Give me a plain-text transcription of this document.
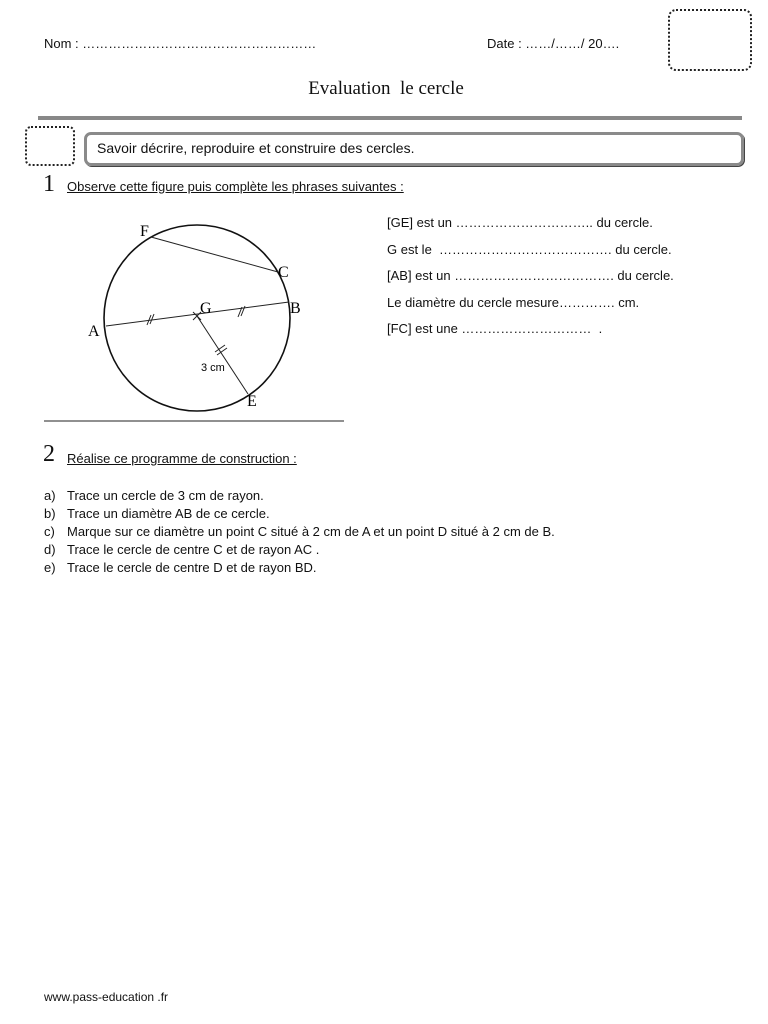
Nom : ………………………………………………	Date : ……/……/ 20….
Evaluation  le cercle
Savoir décrire, reproduire et construire des cercles.
1 Observe cette figure puis complète les phrases suivantes :
F
C
G	B
A
E
3 cm
[GE] est un ………………………….. du cercle.
G est le  …………………………………. du cercle.
[AB] est un ………………………………. du cercle.
Le diamètre du cercle mesure…………. cm.
[FC] est une …………………………  .
2 Réalise ce programme de construction :
a) Trace un cercle de 3 cm de rayon.
b) Trace un diamètre AB de ce cercle.
c) Marque sur ce diamètre un point C situé à 2 cm de A et un point D situé à 2 cm de B.
d) Trace le cercle de centre C et de rayon AC .
e) Trace le cercle de centre D et de rayon BD.
www.pass-education .fr
